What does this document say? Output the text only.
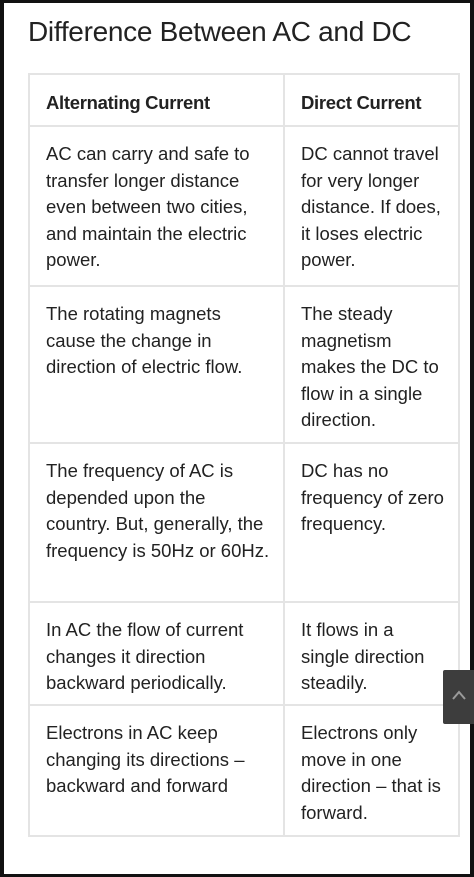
Difference Between AC and DC
Alternating Current	Direct Current
AC can carry and safe to transfer longer distance even between two cities, and maintain the electric power.	DC cannot travel for very longer distance. If does, it loses electric power.
The rotating magnets cause the change in direction of electric flow.	The steady magnetism makes the DC to flow in a single direction.
The frequency of AC is depended upon the country. But, generally, the frequency is 50Hz or 60Hz.	DC has no frequency of zero frequency.
In AC the flow of current changes it direction backward periodically.	It flows in a single direction steadily.
Electrons in AC keep changing its directions – backward and forward	Electrons only move in one direction – that is forward.
